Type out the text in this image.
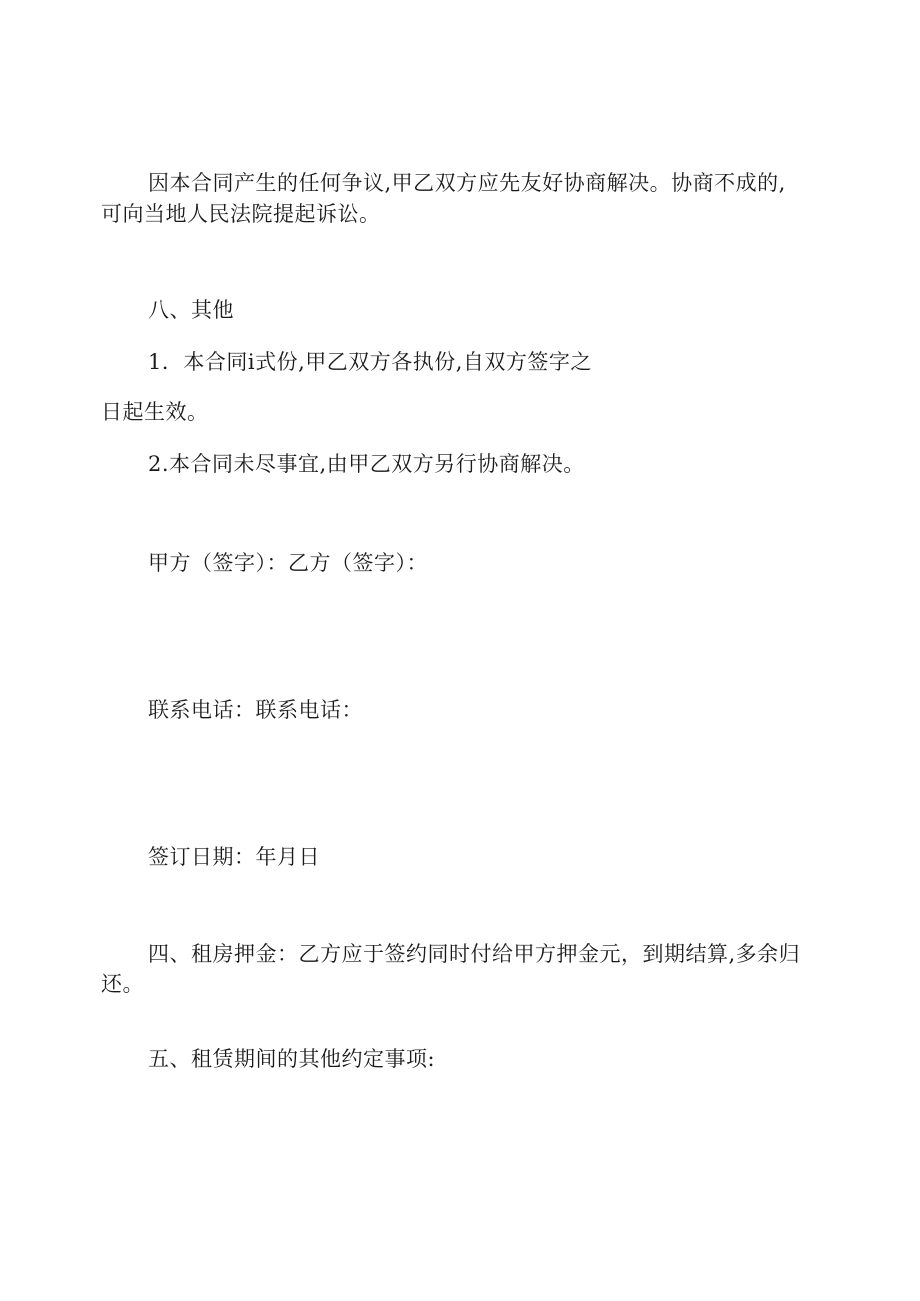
因本合同产生的任何争议,甲乙双方应先友好协商解决。协商不成的,
可向当地人民法院提起诉讼。
八、其他
1．本合同i式份,甲乙双方各执份,自双方签字之
日起生效。
2.本合同未尽事宜,由甲乙双方另行协商解决。
甲方（签字）：乙方（签字）：
联系电话：联系电话：
签订日期：年月日
四、租房押金：乙方应于签约同时付给甲方押金元，到期结算,多余归
还。
五、租赁期间的其他约定事项:
